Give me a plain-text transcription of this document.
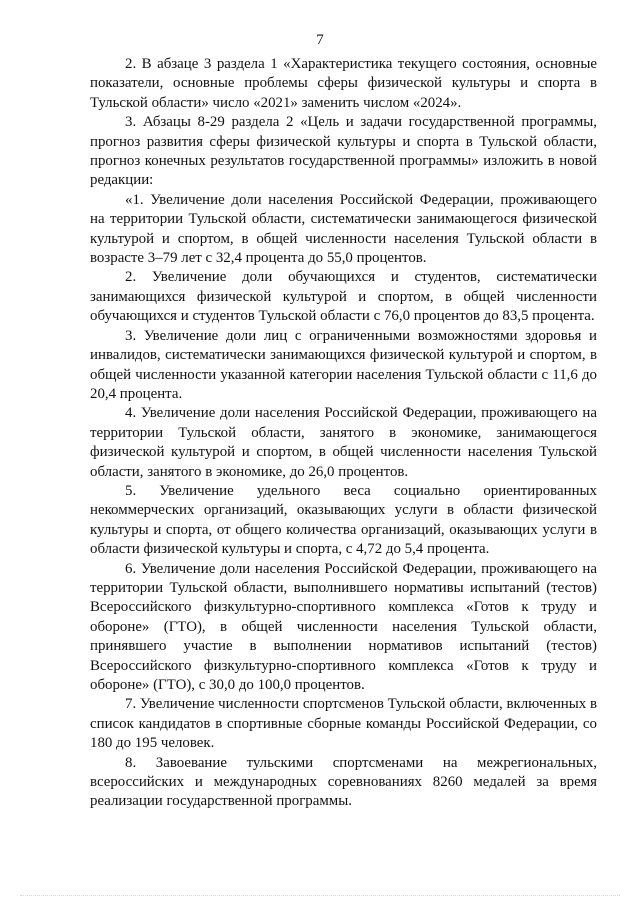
7

2. В абзаце 3 раздела 1 «Характеристика текущего состояния, основные показатели, основные проблемы сферы физической культуры и спорта в Тульской области» число «2021» заменить числом «2024».

3. Абзацы 8-29 раздела 2 «Цель и задачи государственной программы, прогноз развития сферы физической культуры и спорта в Тульской области, прогноз конечных результатов государственной программы» изложить в новой редакции:

«1. Увеличение доли населения Российской Федерации, проживающего на территории Тульской области, систематически занимающегося физической культурой и спортом, в общей численности населения Тульской области в возрасте 3–79 лет с 32,4 процента до 55,0 процентов.

2. Увеличение доли обучающихся и студентов, систематически занимающихся физической культурой и спортом, в общей численности обучающихся и студентов Тульской области с 76,0 процентов до 83,5 процента.

3. Увеличение доли лиц с ограниченными возможностями здоровья и инвалидов, систематически занимающихся физической культурой и спортом, в общей численности указанной категории населения Тульской области с 11,6 до 20,4 процента.

4. Увеличение доли населения Российской Федерации, проживающего на территории Тульской области, занятого в экономике, занимающегося физической культурой и спортом, в общей численности населения Тульской области, занятого в экономике, до 26,0 процентов.

5. Увеличение удельного веса социально ориентированных некоммерческих организаций, оказывающих услуги в области физической культуры и спорта, от общего количества организаций, оказывающих услуги в области физической культуры и спорта, с 4,72 до 5,4 процента.

6. Увеличение доли населения Российской Федерации, проживающего на территории Тульской области, выполнившего нормативы испытаний (тестов) Всероссийского физкультурно-спортивного комплекса «Готов к труду и обороне» (ГТО), в общей численности населения Тульской области, принявшего участие в выполнении нормативов испытаний (тестов) Всероссийского физкультурно-спортивного комплекса «Готов к труду и обороне» (ГТО), с 30,0 до 100,0 процентов.

7. Увеличение численности спортсменов Тульской области, включенных в список кандидатов в спортивные сборные команды Российской Федерации, со 180 до 195 человек.

8. Завоевание тульскими спортсменами на межрегиональных, всероссийских и международных соревнованиях 8260 медалей за время реализации государственной программы.
